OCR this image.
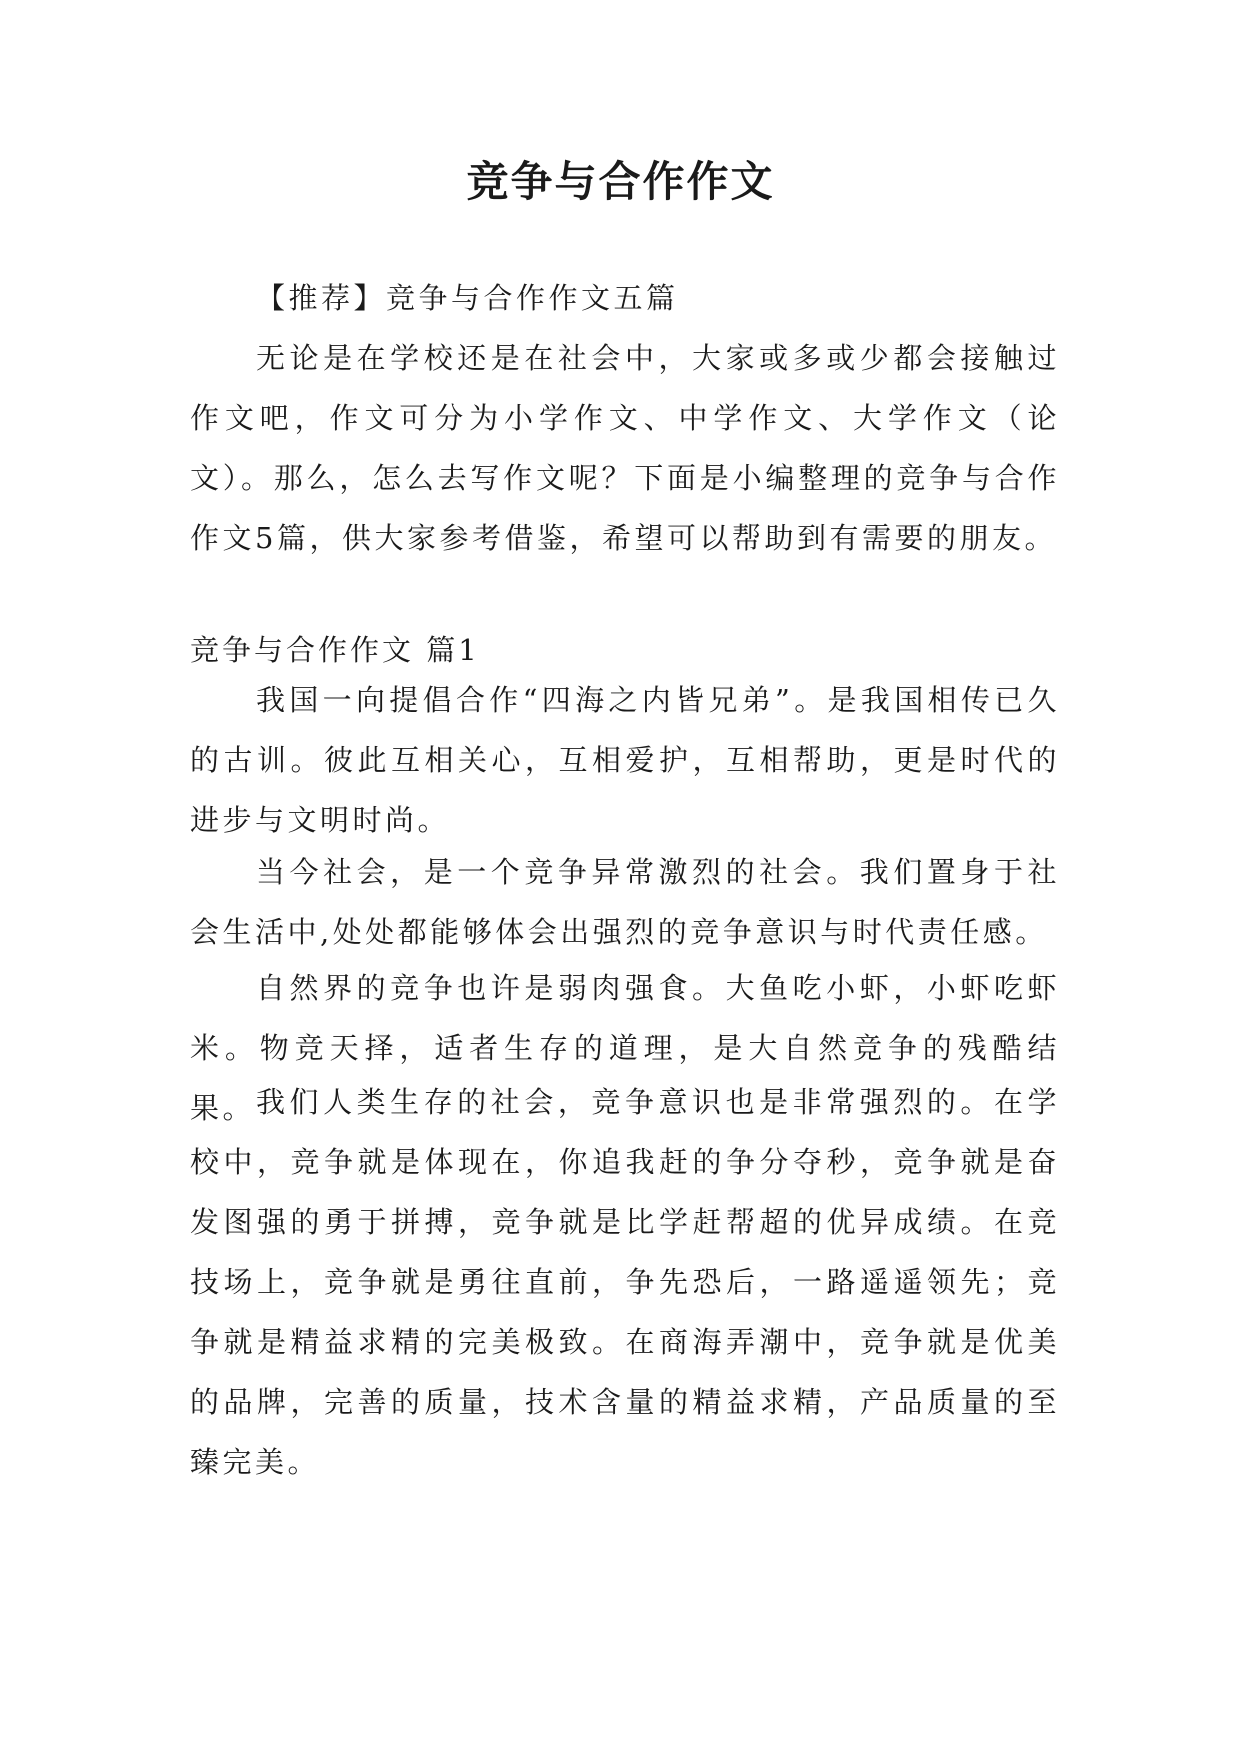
竞争与合作作文

【推荐】竞争与合作作文五篇

无论是在学校还是在社会中，大家或多或少都会接触过作文吧，作文可分为小学作文、中学作文、大学作文（论文）。那么，怎么去写作文呢？下面是小编整理的竞争与合作作文5篇，供大家参考借鉴，希望可以帮助到有需要的朋友。

竞争与合作作文 篇1

我国一向提倡合作“四海之内皆兄弟”。是我国相传已久的古训。彼此互相关心，互相爱护，互相帮助，更是时代的进步与文明时尚。

当今社会，是一个竞争异常激烈的社会。我们置身于社会生活中,处处都能够体会出强烈的竞争意识与时代责任感。

自然界的竞争也许是弱肉强食。大鱼吃小虾，小虾吃虾米。物竞天择，适者生存的道理，是大自然竞争的残酷结果。 我们人类生存的社会，竞争意识也是非常强烈的。在学校中，竞争就是体现在，你追我赶的争分夺秒，竞争就是奋发图强的勇于拼搏，竞争就是比学赶帮超的优异成绩。在竞技场上，竞争就是勇往直前，争先恐后，一路遥遥领先；竞争就是精益求精的完美极致。在商海弄潮中，竞争就是优美的品牌，完善的质量，技术含量的精益求精，产品质量的至臻完美。
